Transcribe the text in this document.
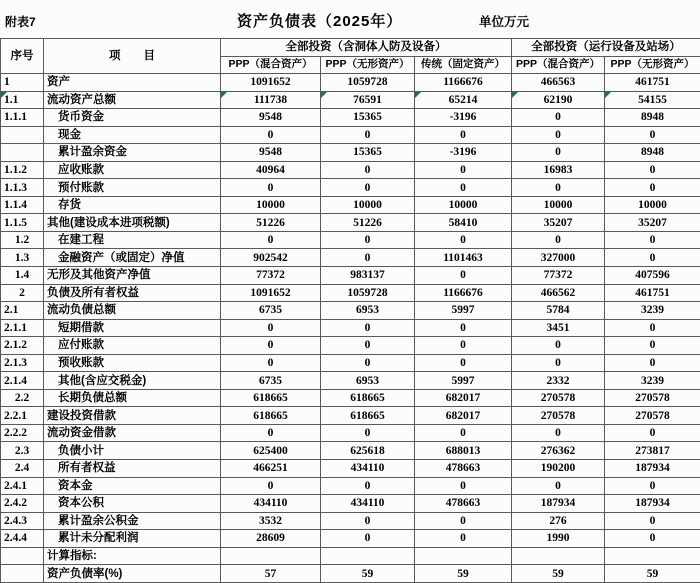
附表7	资产负债表（2025年）	单位万元
序号	项　　目	全部投资（含洞体人防及设备）			全部投资（运行设备及站场）	
		PPP（混合资产）	PPP（无形资产）	传统（固定资产）	PPP（混合资产）	PPP（无形资产）
1	资产	1091652	1059728	1166676	466563	461751

1.1	流动资产总额	111738	76591	65214	62190	54155
1.1.1	货币资金	9548	15365	-3196	0	8948
	现金	0	0	0	0	0
	累计盈余资金	9548	15365	-3196	0	8948
1.1.2	应收账款	40964	0	0	16983	0
1.1.3	预付账款	0	0	0	0	0
1.1.4	存货	10000	10000	10000	10000	10000
1.1.5	其他(建设成本进项税额)	51226	51226	58410	35207	35207
1.2	在建工程	0	0	0	0	0
1.3	金融资产（或固定）净值	902542	0	1101463	327000	0
1.4	无形及其他资产净值	77372	983137	0	77372	407596
2	负债及所有者权益	1091652	1059728	1166676	466562	461751
2.1	流动负债总额	6735	6953	5997	5784	3239
2.1.1	短期借款	0	0	0	3451	0
2.1.2	应付账款	0	0	0	0	0
2.1.3	预收账款	0	0	0	0	0
2.1.4	其他(含应交税金)	6735	6953	5997	2332	3239
2.2	长期负债总额	618665	618665	682017	270578	270578
2.2.1	建设投资借款	618665	618665	682017	270578	270578
2.2.2	流动资金借款	0	0	0	0	0
2.3	负债小计	625400	625618	688013	276362	273817
2.4	所有者权益	466251	434110	478663	190200	187934
2.4.1	资本金	0	0	0	0	0
2.4.2	资本公积	434110	434110	478663	187934	187934
2.4.3	累计盈余公积金	3532	0	0	276	0
2.4.4	累计未分配利润	28609	0	0	1990	0
	计算指标:					
	资产负债率(%)	57	59	59	59	59
